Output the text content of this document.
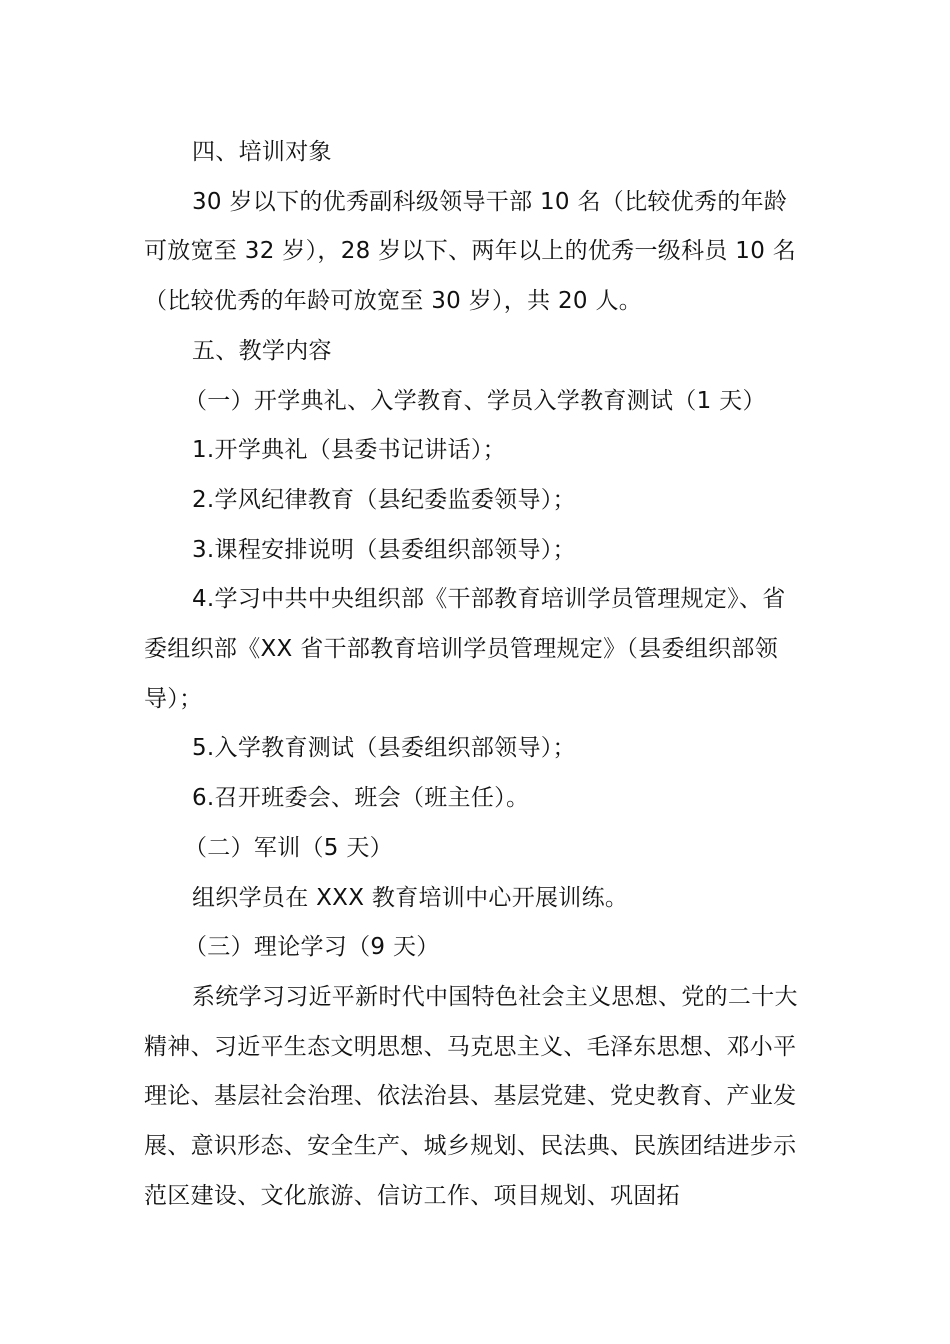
四、培训对象

30 岁以下的优秀副科级领导干部 10 名（比较优秀的年龄可放宽至 32 岁），28 岁以下、两年以上的优秀一级科员 10 名（比较优秀的年龄可放宽至 30 岁），共 20 人。

五、教学内容

（一）开学典礼、入学教育、学员入学教育测试（1 天）

1.开学典礼（县委书记讲话）；

2.学风纪律教育（县纪委监委领导）；

3.课程安排说明（县委组织部领导）；

4.学习中共中央组织部《干部教育培训学员管理规定》、省委组织部《XX 省干部教育培训学员管理规定》（县委组织部领导）；

5.入学教育测试（县委组织部领导）；

6.召开班委会、班会（班主任）。

（二）军训（5 天）

组织学员在 XXX 教育培训中心开展训练。

（三）理论学习（9 天）

系统学习习近平新时代中国特色社会主义思想、党的二十大精神、习近平生态文明思想、马克思主义、毛泽东思想、邓小平理论、基层社会治理、依法治县、基层党建、党史教育、产业发展、意识形态、安全生产、城乡规划、民法典、民族团结进步示范区建设、文化旅游、信访工作、项目规划、巩固拓
